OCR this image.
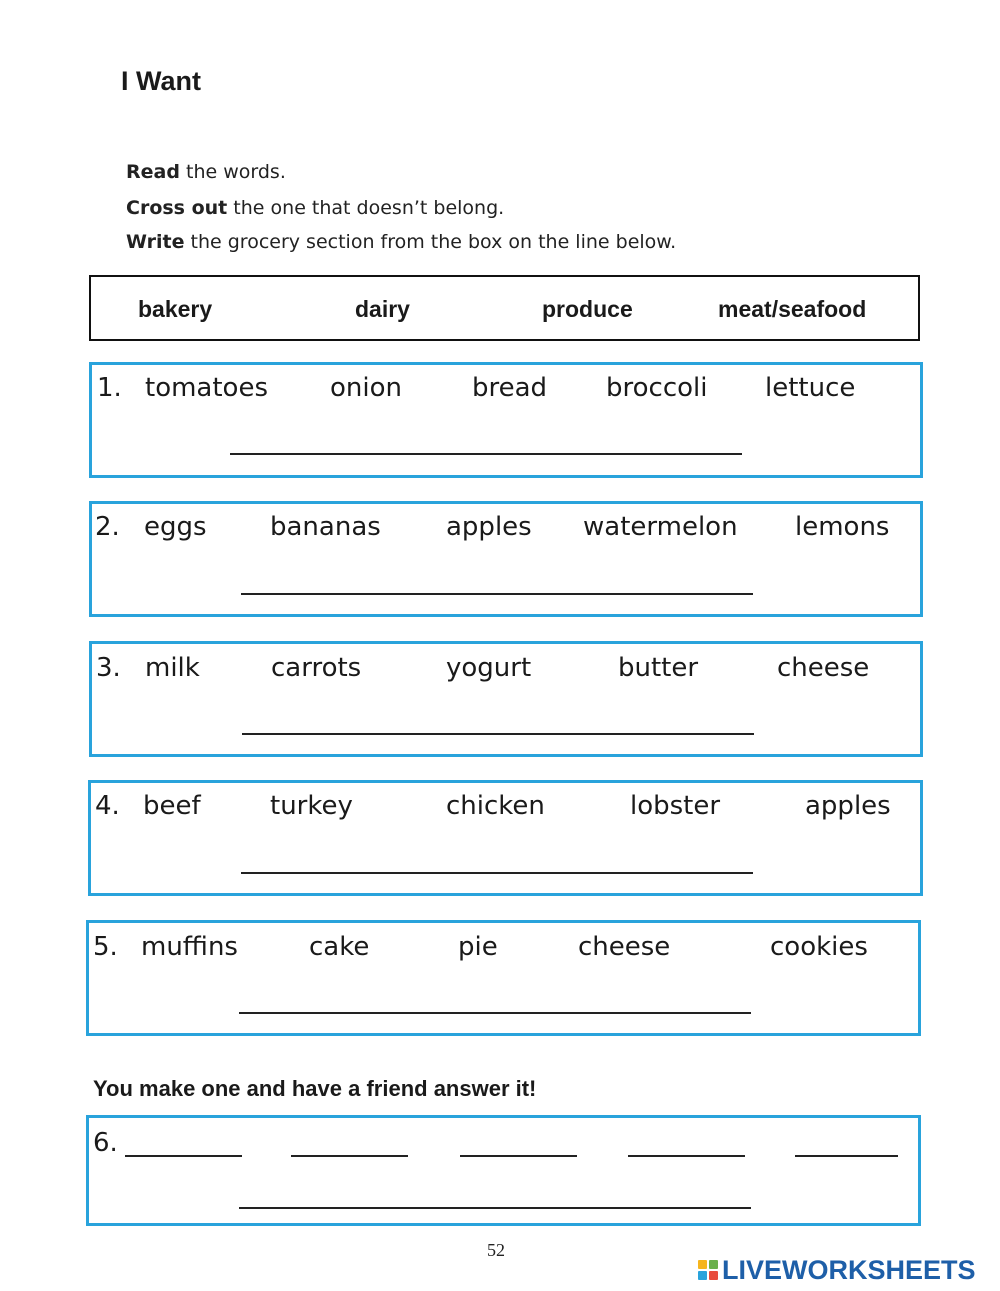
I Want
Read the words.
Cross out the one that doesn’t belong.
Write the grocery section from the box on the line below.
bakery	dairy	produce	meat/seafood
1. tomatoes onion	bread broccoli lettuce
2. eggs bananas	apples watermelon lemons
3. milk	carrots	yogurt	butter	cheese
4. beef	turkey	chicken	lobster	apples
5. muffins	cake	pie	cheese	cookies
You make one and have a friend answer it!
6.
52
LIVEWORKSHEETS
